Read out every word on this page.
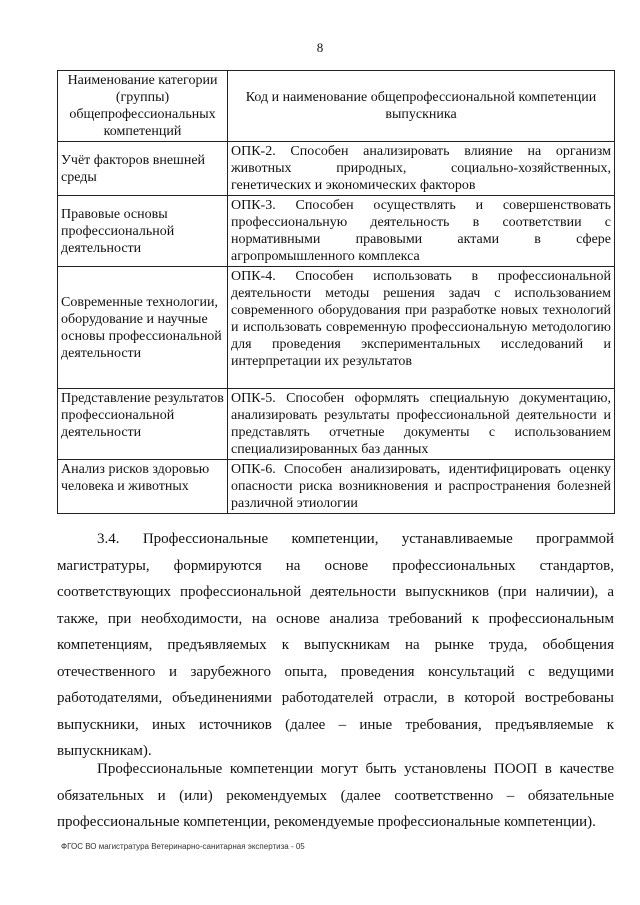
8
Наименование категории (группы) общепрофессиональных компетенций	Код и наименование общепрофессиональной компетенции выпускника
Учёт факторов внешней среды	ОПК-2. Способен анализировать влияние на организм животных природных, социально-хозяйственных, генетических и экономических факторов
Правовые основы профессиональной деятельности	ОПК-3. Способен осуществлять и совершенствовать профессиональную деятельность в соответствии с нормативными правовыми актами в сфере агропромышленного комплекса
Современные технологии, оборудование и научные основы профессиональной деятельности	ОПК-4. Способен использовать в профессиональной деятельности методы решения задач с использованием современного оборудования при разработке новых технологий и использовать современную профессиональную методологию для проведения экспериментальных исследований и интерпретации их результатов
Представление результатов профессиональной деятельности	ОПК-5. Способен оформлять специальную документацию, анализировать результаты профессиональной деятельности и представлять отчетные документы с использованием специализированных баз данных
Анализ рисков здоровью человека и животных	ОПК-6. Способен анализировать, идентифицировать оценку опасности риска возникновения и распространения болезней различной этиологии
3.4. Профессиональные компетенции, устанавливаемые программой магистратуры, формируются на основе профессиональных стандартов, соответствующих профессиональной деятельности выпускников (при наличии), а также, при необходимости, на основе анализа требований к профессиональным компетенциям, предъявляемых к выпускникам на рынке труда, обобщения отечественного и зарубежного опыта, проведения консультаций с ведущими работодателями, объединениями работодателей отрасли, в которой востребованы выпускники, иных источников (далее – иные требования, предъявляемые к выпускникам).
Профессиональные компетенции могут быть установлены ПООП в качестве обязательных и (или) рекомендуемых (далее соответственно – обязательные профессиональные компетенции, рекомендуемые профессиональные компетенции).
ФГОС ВО магистратура Ветеринарно-санитарная экспертиза - 05
